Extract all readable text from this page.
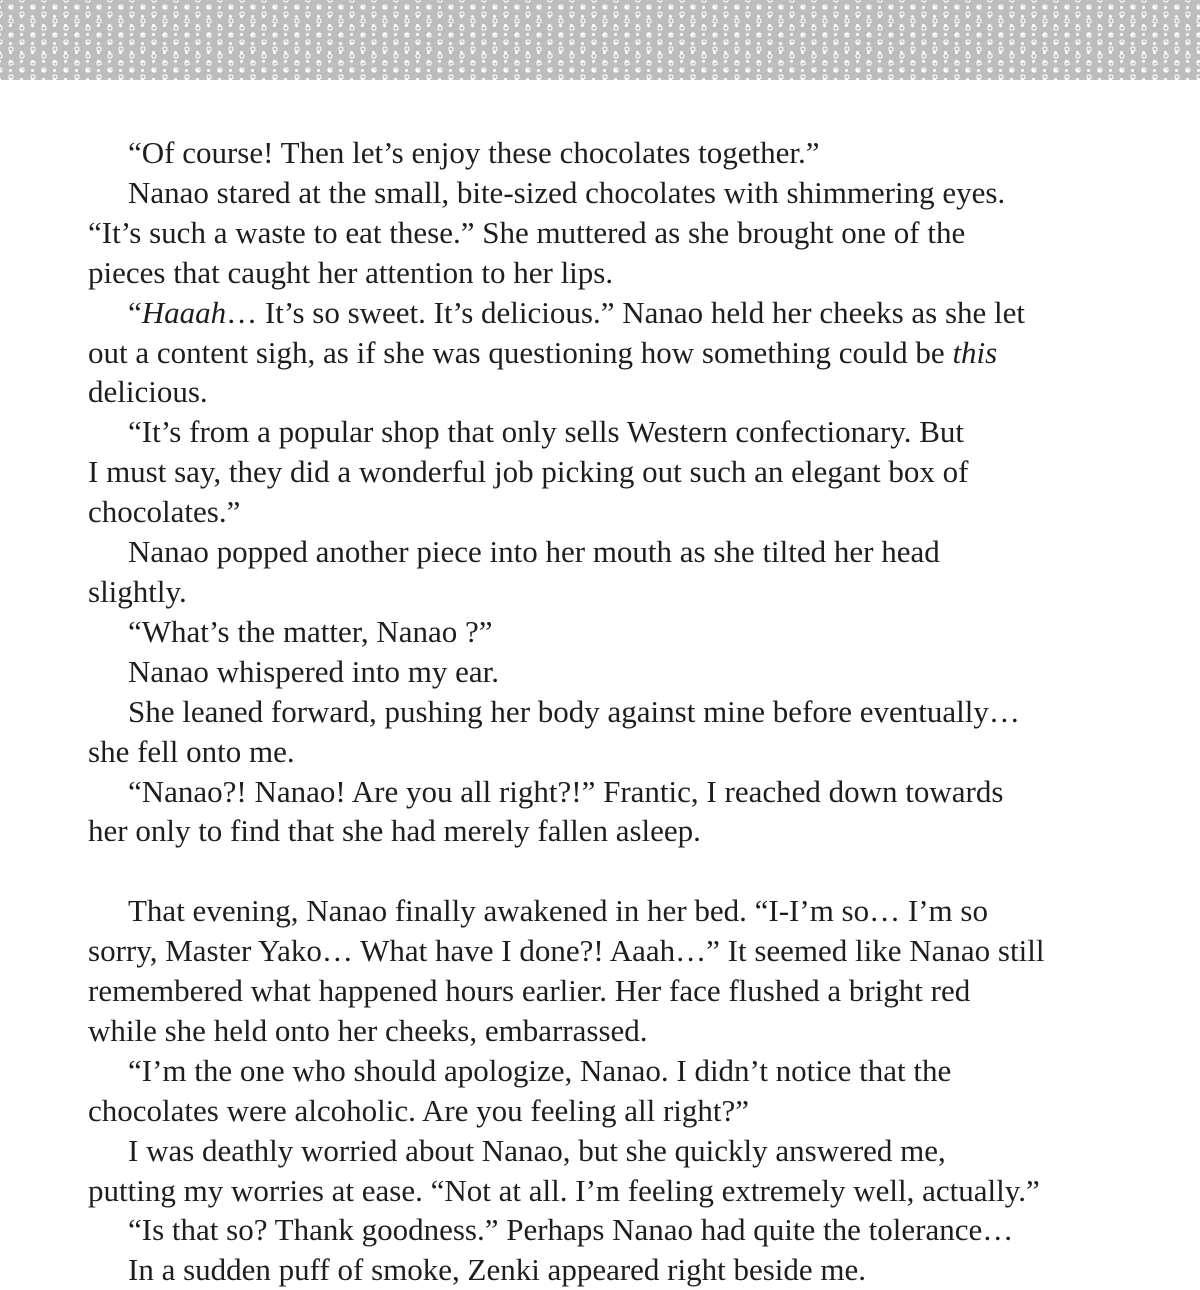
“Of course! Then let’s enjoy these chocolates together.”
Nanao stared at the small, bite-sized chocolates with shimmering eyes.
“It’s such a waste to eat these.” She muttered as she brought one of the
pieces that caught her attention to her lips.
“Haaah… It’s so sweet. It’s delicious.” Nanao held her cheeks as she let
out a content sigh, as if she was questioning how something could be this
delicious.
“It’s from a popular shop that only sells Western confectionary. But
I must say, they did a wonderful job picking out such an elegant box of
chocolates.”
Nanao popped another piece into her mouth as she tilted her head
slightly.
“What’s the matter, Nanao ?”
Nanao whispered into my ear.
She leaned forward, pushing her body against mine before eventually…
she fell onto me.
“Nanao?! Nanao! Are you all right?!” Frantic, I reached down towards
her only to find that she had merely fallen asleep.
That evening, Nanao finally awakened in her bed. “I-I’m so… I’m so
sorry, Master Yako… What have I done?! Aaah…” It seemed like Nanao still
remembered what happened hours earlier. Her face flushed a bright red
while she held onto her cheeks, embarrassed.
“I’m the one who should apologize, Nanao. I didn’t notice that the
chocolates were alcoholic. Are you feeling all right?”
I was deathly worried about Nanao, but she quickly answered me,
putting my worries at ease. “Not at all. I’m feeling extremely well, actually.”
“Is that so? Thank goodness.” Perhaps Nanao had quite the tolerance…
In a sudden puff of smoke, Zenki appeared right beside me.
